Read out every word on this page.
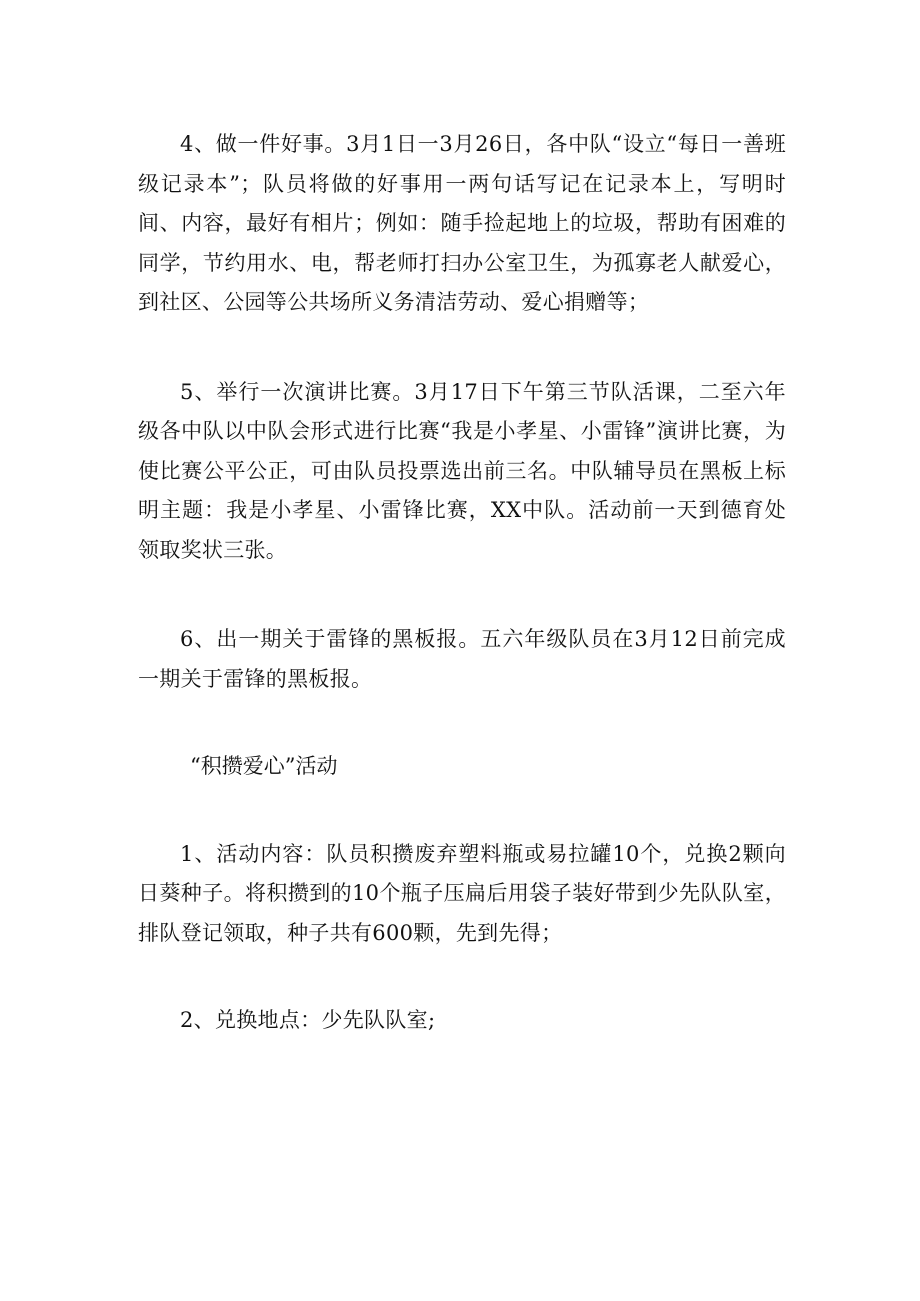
4、做一件好事。3月1日一3月26日，各中队“设立“每日一善班级记录本”；队员将做的好事用一两句话写记在记录本上，写明时间、内容，最好有相片；例如：随手捡起地上的垃圾，帮助有困难的同学，节约用水、电，帮老师打扫办公室卫生，为孤寡老人献爱心，到社区、公园等公共场所义务清洁劳动、爱心捐赠等；

5、举行一次演讲比赛。3月17日下午第三节队活课，二至六年级各中队以中队会形式进行比赛“我是小孝星、小雷锋”演讲比赛，为使比赛公平公正，可由队员投票选出前三名。中队辅导员在黑板上标明主题：我是小孝星、小雷锋比赛，XX中队。活动前一天到德育处领取奖状三张。

6、出一期关于雷锋的黑板报。五六年级队员在3月12日前完成一期关于雷锋的黑板报。

“积攒爱心”活动

1、活动内容：队员积攒废弃塑料瓶或易拉罐10个，兑换2颗向日葵种子。将积攒到的10个瓶子压扁后用袋子装好带到少先队队室，排队登记领取，种子共有600颗，先到先得；

2、兑换地点：少先队队室;
